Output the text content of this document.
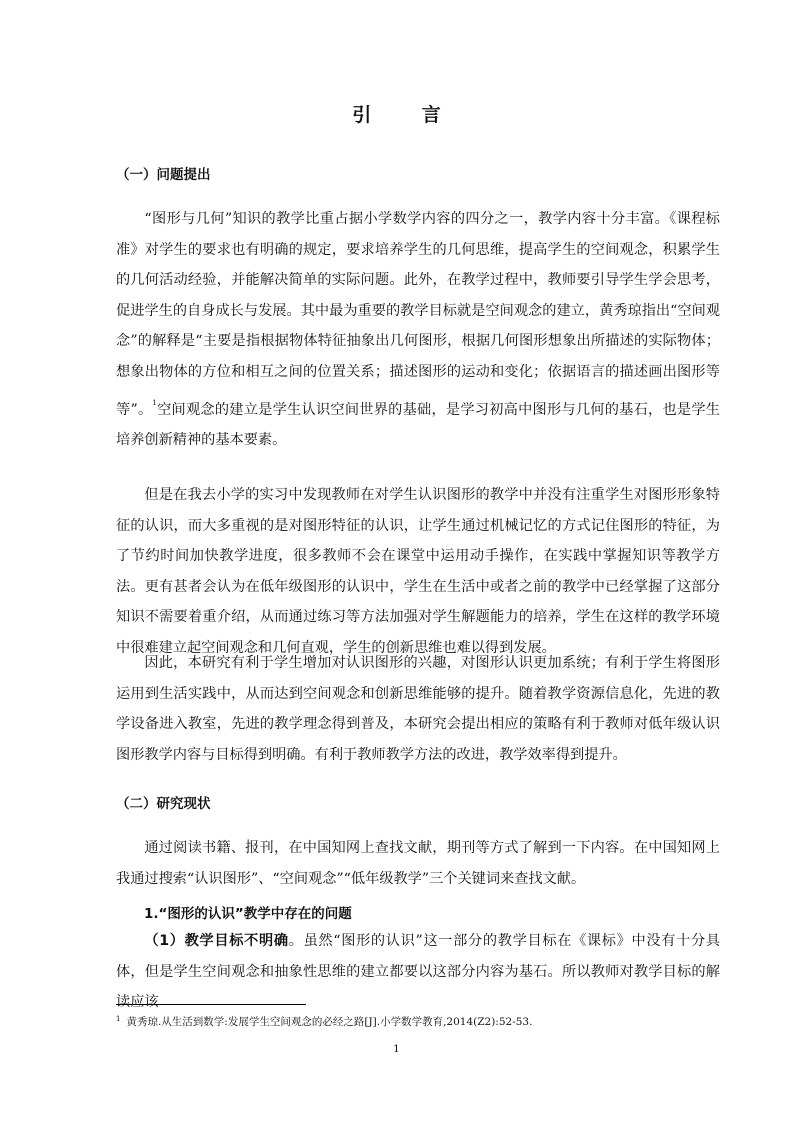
引 言
（一）问题提出

“图形与几何”知识的教学比重占据小学数学内容的四分之一，教学内容十分丰富。《课程标准》对学生的要求也有明确的规定，要求培养学生的几何思维，提高学生的空间观念，积累学生的几何活动经验，并能解决简单的实际问题。此外，在教学过程中，教师要引导学生学会思考，促进学生的自身成长与发展。其中最为重要的教学目标就是空间观念的建立，黄秀琼指出“空间观念”的解释是“主要是指根据物体特征抽象出几何图形，根据几何图形想象出所描述的实际物体；想象出物体的方位和相互之间的位置关系；描述图形的运动和变化；依据语言的描述画出图形等等”。$^1$空间观念的建立是学生认识空间世界的基础，是学习初高中图形与几何的基石，也是学生培养创新精神的基本要素。

但是在我去小学的实习中发现教师在对学生认识图形的教学中并没有注重学生对图形形象特征的认识，而大多重视的是对图形特征的认识，让学生通过机械记忆的方式记住图形的特征，为了节约时间加快教学进度，很多教师不会在课堂中运用动手操作，在实践中掌握知识等教学方法。更有甚者会认为在低年级图形的认识中，学生在生活中或者之前的教学中已经掌握了这部分知识不需要着重介绍，从而通过练习等方法加强对学生解题能力的培养，学生在这样的教学环境中很难建立起空间观念和几何直观，学生的创新思维也难以得到发展。

因此，本研究有利于学生增加对认识图形的兴趣，对图形认识更加系统；有利于学生将图形运用到生活实践中，从而达到空间观念和创新思维能够的提升。随着教学资源信息化，先进的教学设备进入教室，先进的教学理念得到普及，本研究会提出相应的策略有利于教师对低年级认识图形教学内容与目标得到明确。有利于教师教学方法的改进，教学效率得到提升。

（二）研究现状

通过阅读书籍、报刊，在中国知网上查找文献，期刊等方式了解到一下内容。在中国知网上我通过搜索“认识图形”、“空间观念”“低年级教学”三个关键词来查找文献。

1.“图形的认识”教学中存在的问题

（1）教学目标不明确。虽然“图形的认识”这一部分的教学目标在《课标》中没有十分具体，但是学生空间观念和抽象性思维的建立都要以这部分内容为基石。所以教师对教学目标的解读应该

$^1$ 黄秀琼.从生活到数学:发展学生空间观念的必经之路[J].小学数学教育,2014(Z2):52-53.
1
